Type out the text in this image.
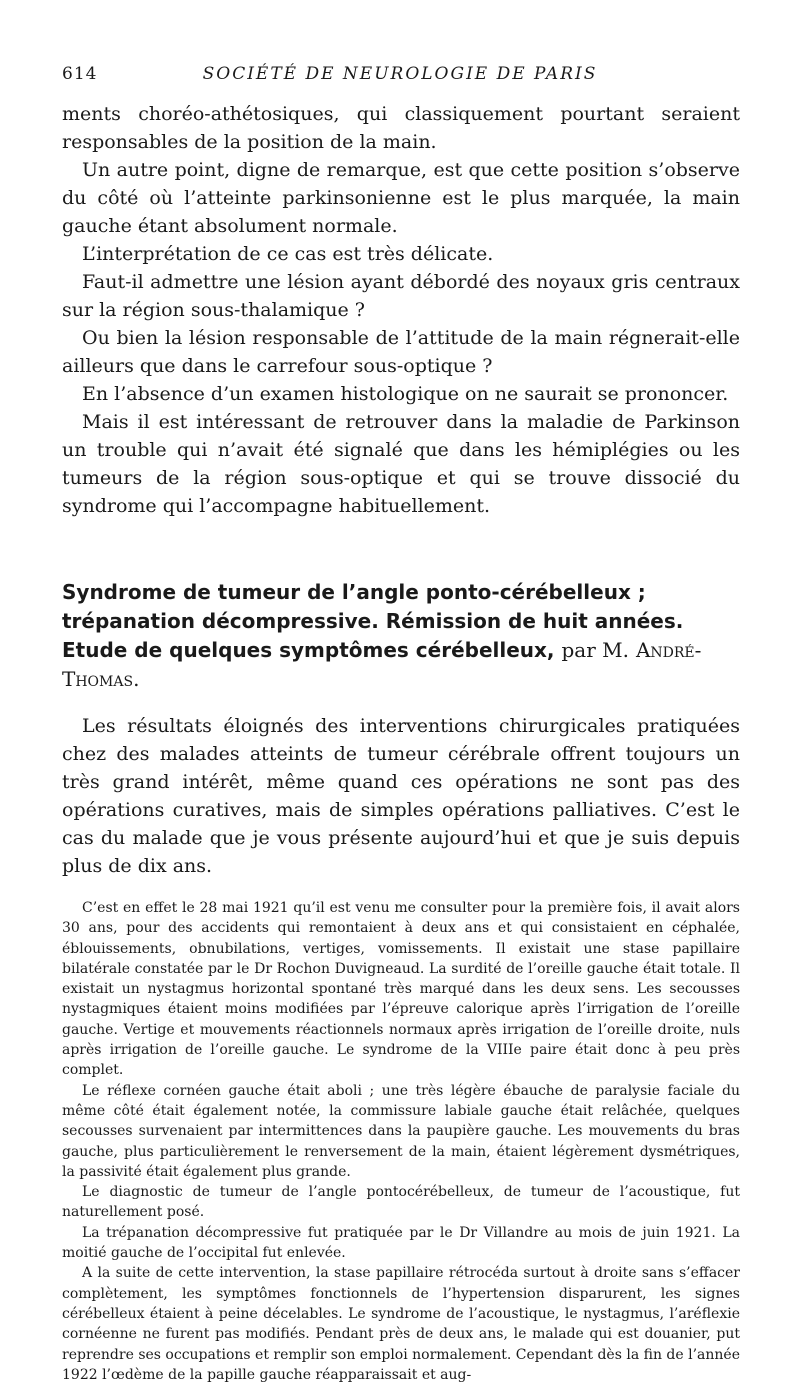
614	SOCIÉTÉ DE NEUROLOGIE DE PARIS

ments choréo-athétosiques, qui classiquement pourtant seraient responsables de la position de la main.

Un autre point, digne de remarque, est que cette position s’observe du côté où l’atteinte parkinsonienne est le plus marquée, la main gauche étant absolument normale.

L’interprétation de ce cas est très délicate.

Faut-il admettre une lésion ayant débordé des noyaux gris centraux sur la région sous-thalamique ?

Ou bien la lésion responsable de l’attitude de la main régnerait-elle ailleurs que dans le carrefour sous-optique ?

En l’absence d’un examen histologique on ne saurait se prononcer.

Mais il est intéressant de retrouver dans la maladie de Parkinson un trouble qui n’avait été signalé que dans les hémiplégies ou les tumeurs de la région sous-optique et qui se trouve dissocié du syndrome qui l’accompagne habituellement.

Syndrome de tumeur de l’angle ponto-cérébelleux ; trépanation décompressive. Rémission de huit années. Etude de quelques symptômes cérébelleux, par M. André-Thomas.

Les résultats éloignés des interventions chirurgicales pratiquées chez des malades atteints de tumeur cérébrale offrent toujours un très grand intérêt, même quand ces opérations ne sont pas des opérations curatives, mais de simples opérations palliatives. C’est le cas du malade que je vous présente aujourd’hui et que je suis depuis plus de dix ans.

C’est en effet le 28 mai 1921 qu’il est venu me consulter pour la première fois, il avait alors 30 ans, pour des accidents qui remontaient à deux ans et qui consistaient en céphalée, éblouissements, obnubilations, vertiges, vomissements. Il existait une stase papillaire bilatérale constatée par le Dr Rochon Duvigneaud. La surdité de l’oreille gauche était totale. Il existait un nystagmus horizontal spontané très marqué dans les deux sens. Les secousses nystagmiques étaient moins modifiées par l’épreuve calorique après l’irrigation de l’oreille gauche. Vertige et mouvements réactionnels normaux après irrigation de l’oreille droite, nuls après irrigation de l’oreille gauche. Le syndrome de la VIIIe paire était donc à peu près complet.

Le réflexe cornéen gauche était aboli ; une très légère ébauche de paralysie faciale du même côté était également notée, la commissure labiale gauche était relâchée, quelques secousses survenaient par intermittences dans la paupière gauche. Les mouvements du bras gauche, plus particulièrement le renversement de la main, étaient légèrement dysmétriques, la passivité était également plus grande.

Le diagnostic de tumeur de l’angle pontocérébelleux, de tumeur de l’acoustique, fut naturellement posé.

La trépanation décompressive fut pratiquée par le Dr Villandre au mois de juin 1921. La moitié gauche de l’occipital fut enlevée.

A la suite de cette intervention, la stase papillaire rétrocéda surtout à droite sans s’effacer complètement, les symptômes fonctionnels de l’hypertension disparurent, les signes cérébelleux étaient à peine décelables. Le syndrome de l’acoustique, le nystagmus, l’aréflexie cornéenne ne furent pas modifiés. Pendant près de deux ans, le malade qui est douanier, put reprendre ses occupations et remplir son emploi normalement. Cependant dès la fin de l’année 1922 l’œdème de la papille gauche réapparaissait et aug-
